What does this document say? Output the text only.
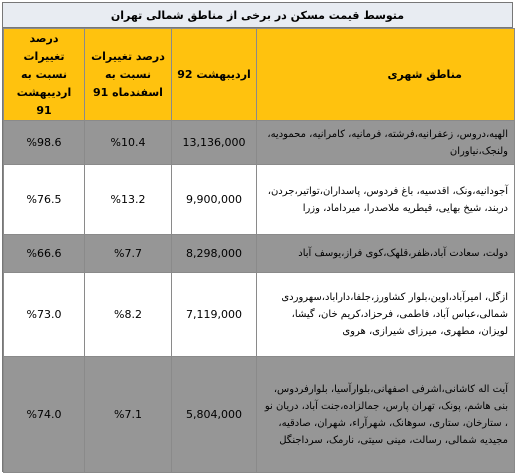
متوسط قیمت مسکن در برخی از مناطق شمالی تهران
مناطق شهری	اردیبهشت 92	درصد تغییرات نسبت به اسفندماه 91	درصد تغییرات نسبت به اردیبهشت 91
الهیه،دروس، زعفرانیه،فرشته، فرمانیه، کامرانیه، محمودیه، ولنجک،نیاوران	13,136,000	%10.4	%98.6
آجودانیه،ونک، اقدسیه، باغ فردوس، پاسداران،تواتیر،جردن، دربند، شیخ بهایی، قیطریه ملاصدرا، میرداماد، وزرا	9,900,000	%13.2	%76.5
دولت، سعادت آباد،ظفر،قلهک،کوی فراز،یوسف آباد	8,298,000	%7.7	%66.6
ازگل، امیرآباد،اوین،بلوار کشاورز،جلفا،داراباد،سهروردی شمالی،عباس آباد، فاطمی، فرحزاد،کریم خان، گیشا، لویزان، مطهری، میرزای شیرازی، هروی	7,119,000	%8.2	%73.0
آیت اله کاشانی،اشرفی اصفهانی،بلوارآسیا، بلوارفردوس، بنی هاشم، پونک، تهران پارس، جمالزاده،جنت آباد، دریان نو ، ستارخان، ستاری، سوهانک، شهرآراء، شهران، صادقیه، مجیدیه شمالی، رسالت، مینی سیتی، نارمک، سرداجنگل	5,804,000	%7.1	%74.0
